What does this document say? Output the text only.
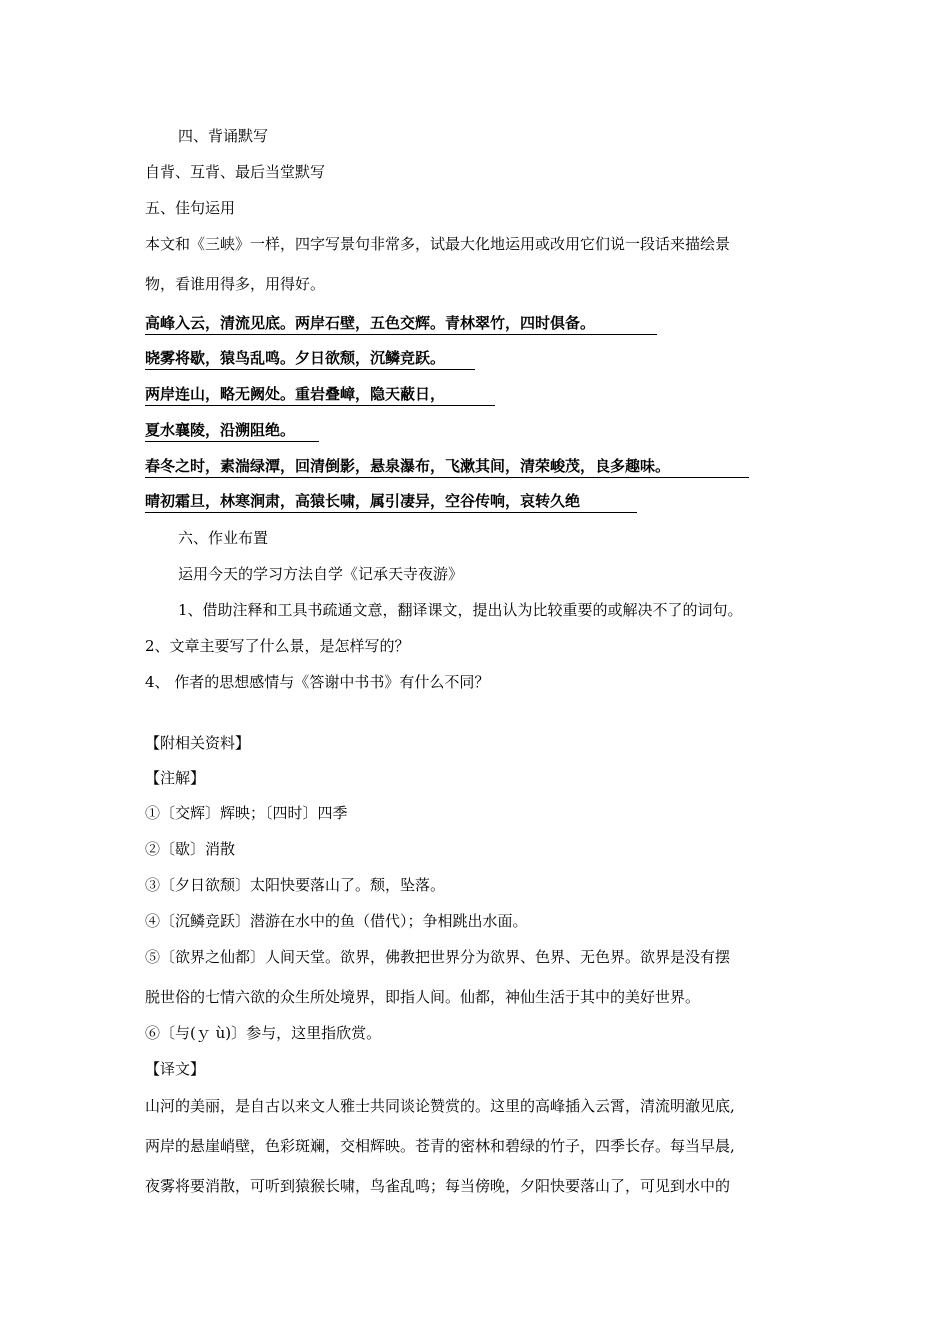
四、背诵默写
自背、互背、最后当堂默写
五、佳句运用
本文和《三峡》一样，四字写景句非常多，试最大化地运用或改用它们说一段话来描绘景
物，看谁用得多，用得好。
高峰入云，清流见底。两岸石壁，五色交辉。青林翠竹，四时俱备。
晓雾将歇，猿鸟乱鸣。夕日欲颓，沉鳞竞跃。
两岸连山，略无阙处。重岩叠嶂，隐天蔽日，
夏水襄陵，沿溯阻绝。
春冬之时，素湍绿潭，回清倒影，悬泉瀑布，飞漱其间，清荣峻茂，良多趣味。
晴初霜旦，林寒涧肃，高猿长啸，属引凄异，空谷传响，哀转久绝
六、作业布置
运用今天的学习方法自学《记承天寺夜游》
1、借助注释和工具书疏通文意，翻译课文，提出认为比较重要的或解决不了的词句。
2、文章主要写了什么景，是怎样写的？
4、 作者的思想感情与《答谢中书书》有什么不同？
【附相关资料】
【注解】
①〔交辉〕辉映；〔四时〕四季
②〔歇〕消散
③〔夕日欲颓〕太阳快要落山了。颓，坠落。
④〔沉鳞竞跃〕潜游在水中的鱼（借代）；争相跳出水面。
⑤〔欲界之仙都〕人间天堂。欲界，佛教把世界分为欲界、色界、无色界。欲界是没有摆
脱世俗的七情六欲的众生所处境界，即指人间。仙都，神仙生活于其中的美好世界。
⑥〔与(ｙ ù)〕参与，这里指欣赏。
【译文】
山河的美丽，是自古以来文人雅士共同谈论赞赏的。这里的高峰插入云霄，清流明澈见底,
两岸的悬崖峭壁，色彩斑斓，交相辉映。苍青的密林和碧绿的竹子，四季长存。每当早晨,
夜雾将要消散，可听到猿猴长啸，鸟雀乱鸣；每当傍晚，夕阳快要落山了，可见到水中的
